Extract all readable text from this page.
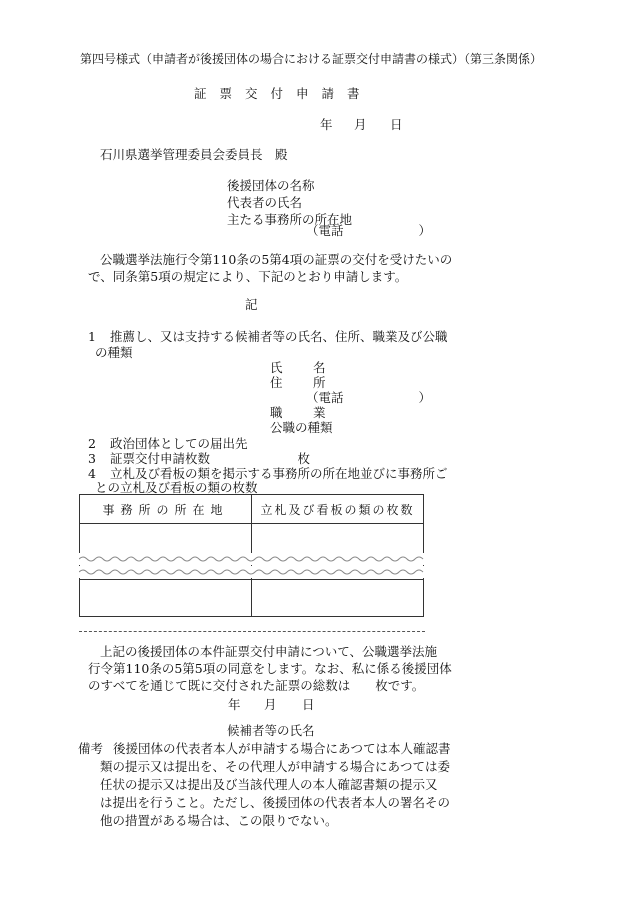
第四号様式（申請者が後援団体の場合における証票交付申請書の様式）（第三条関係）
証票交付申請書
年 月 日
石川県選挙管理委員会委員長　殿
後援団体の名称
代表者の氏名
主たる事務所の所在地
（電話　　　　　　）
公職選挙法施行令第110条の5第4項の証票の交付を受けたいの
で、同条第5項の規定により、下記のとおり申請します。
記
1 推薦し、又は支持する候補者等の氏名、住所、職業及び公職
の種類
氏　名
住　所
（電話　　　　　　）
職　業
公職の種類
2 政治団体としての届出先
3 証票交付申請枚数　　　　　　　枚
4 立札及び看板の類を掲示する事務所の所在地並びに事務所ご
との立札及び看板の類の枚数
事務所の所在地	立札及び看板の類の枚数

上記の後援団体の本件証票交付申請について、公職選挙法施
行令第110条の5第5項の同意をします。なお、私に係る後援団体
のすべてを通じて既に交付された証票の総数は　　枚です。
年 月 日
候補者等の氏名
備考 後援団体の代表者本人が申請する場合にあつては本人確認書
類の提示又は提出を、その代理人が申請する場合にあつては委
任状の提示又は提出及び当該代理人の本人確認書類の提示又
は提出を行うこと。ただし、後援団体の代表者本人の署名その
他の措置がある場合は、この限りでない。
